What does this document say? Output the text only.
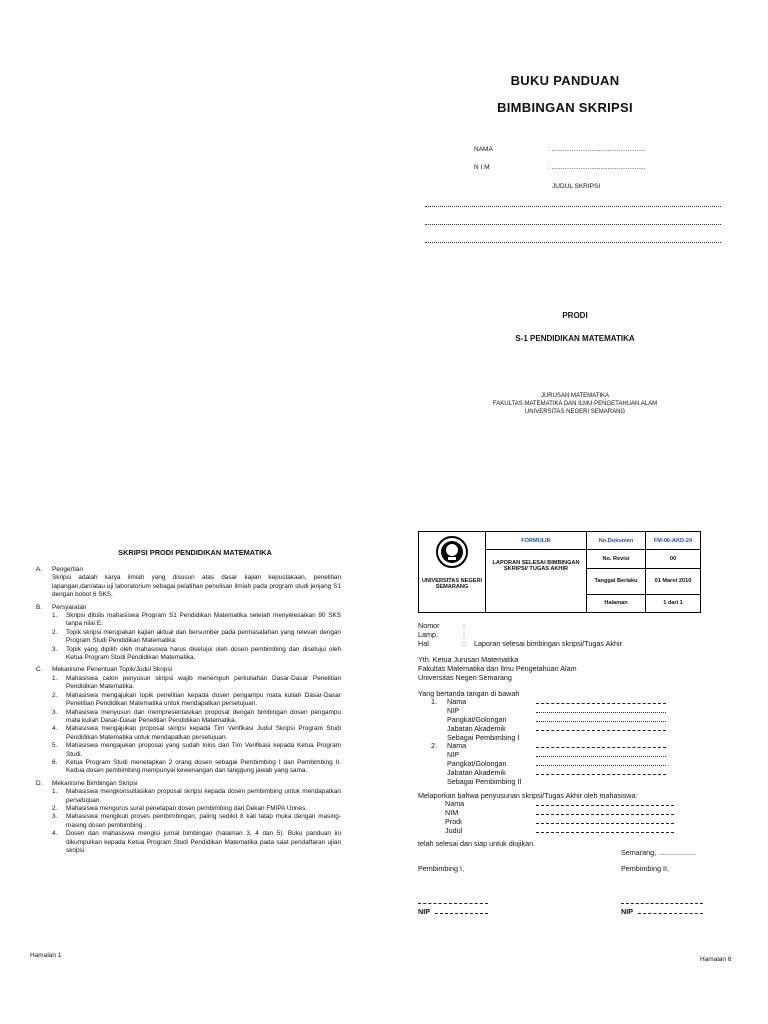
BUKU PANDUAN
BIMBINGAN SKRIPSI
NAMA	: ....................................................
N I M	: ....................................................
JUDUL SKRIPSI
PRODI
S-1 PENDIDIKAN MATEMATIKA
JURUSAN MATEMATIKA
FAKULTAS MATEMATIKA DAN ILMU PENGETAHUAN ALAM
UNIVERSITAS NEGERI SEMARANG
SKRIPSI PRODI PENDIDIKAN MATEMATIKA
A.	Pengertian
Skripsi adalah karya ilmiah yang disusun atas dasar kajian kepustakaan, penelitian lapangan,dan/atau uji laboratorium sebagai pelatihan penulisan ilmiah pada program studi jenjang S1 dengan bobot 6 SKS.
B.	Persyaratan
1.	Skripsi ditulis mahasiswa Program S1 Pendidikan Matematika setelah menyelesaikan 90 SKS tanpa nilai E.
2.	Topik skripsi merupakan kajian aktual dan bersumber pada permasalahan yang relevan dengan Program Studi Pendidikan Matematika.
3.	Topik yang dipilih oleh mahasiswa harus disetujui oleh dosen pembimbing dan disetujui oleh Ketua Program Studi Pendidikan Matematika.
C.	Mekanisme Penentuan Topik/Judul Skripsi
1.	Mahasiswa calon penyusun skripsi wajib menempuh perkuliahan Dasar-Dasar Penelitian Pendidikan Matematika.
2.	Mahasiswa mengajukan topik penelitian kepada dosen pengampu mata kuliah Dasar-Dasar Penelitian Pendidikan Matematika untuk mendapatkan persetujuan.
3.	Mahasiswa menyusun dan mempresentasikan proposal dengan bimbingan dosen pengampu mata kuliah Dasar-Dasar Penelitian Pendidikan Matematika.
4.	Mahasiswa mengajukan proposal skripsi kepada Tim Verifikasi Judul Skripsi Program Studi Pendidikan Matematika untuk mendapatkan persetujuan.
5.	Mahasiswa mengajukan proposal yang sudah lolos dari Tim Verifikasi kepada Ketua Program Studi.
6.	Ketua Program Studi menetapkan 2 orang dosen sebagai Pembimbing I dan Pembimbing II. Kedua dosen pembimbing mempunyai kewenangan dan tanggung jawab yang sama.
D.	Mekanisme Bimbingan Skripsi
1.	Mahasiswa mengkonsultasikan proposal skripsi kepada dosen pembimbing untuk mendapatkan persetujuan.
2.	Mahasiswa mengurus surat penetapan dosen pembimbing dari Dekan FMIPA Unnes.
3.	Mahasiswa mengikuti proses pembimbingan, paling sedikit 8 kali tatap muka dengan masing-masing dosen pembimbing .
4.	Dosen dan mahasiswa mengisi jurnal bimbingan (halaman 3, 4 dan 5). Buku panduan ini dikumpulkan kepada Ketua Program Studi Pendidikan Matematika pada saat pendaftaran ujian skripsi.
Hamalan 1
UNIVERSITAS NEGERI SEMARANG	FORMULIR	No.Dokumen	FM-06-AKD-24
	LAPORAN SELESAI BIMBINGAN SKRIPSI/ TUGAS AKHIR	No. Revisi	00
		Tanggal Berlaku	01 Maret 2010
		Halaman	1 dari 1
Nomor	:
Lamp.	:
Hal	: Laporan selesai bimbingan skripsi/Tugas Akhir
Yth. Ketua Jurusan Matematika
Fakultas Matematika dan Ilmu Pengetahuan Alam
Universitas Negeri Semarang
Yang bertanda tangan di bawah
1. Nama
NIP
Pangkat/Golongan
Jabatan Akademik
Sebagai Pembimbing I
2. Nama
NIP
Pangkat/Golongan
Jabatan Akademik
Sebagai Pembimbing II
Melaporkan bahwa penyusunan skripsi/Tugas Akhir oleh mahasiswa:
Nama
NIM
Prodi
Judul
telah selesai dan siap untuk diujikan.
Semarang, ...................
Pembimbing I,	Pembimbing II,
NIP	NIP
Hamalan 6
